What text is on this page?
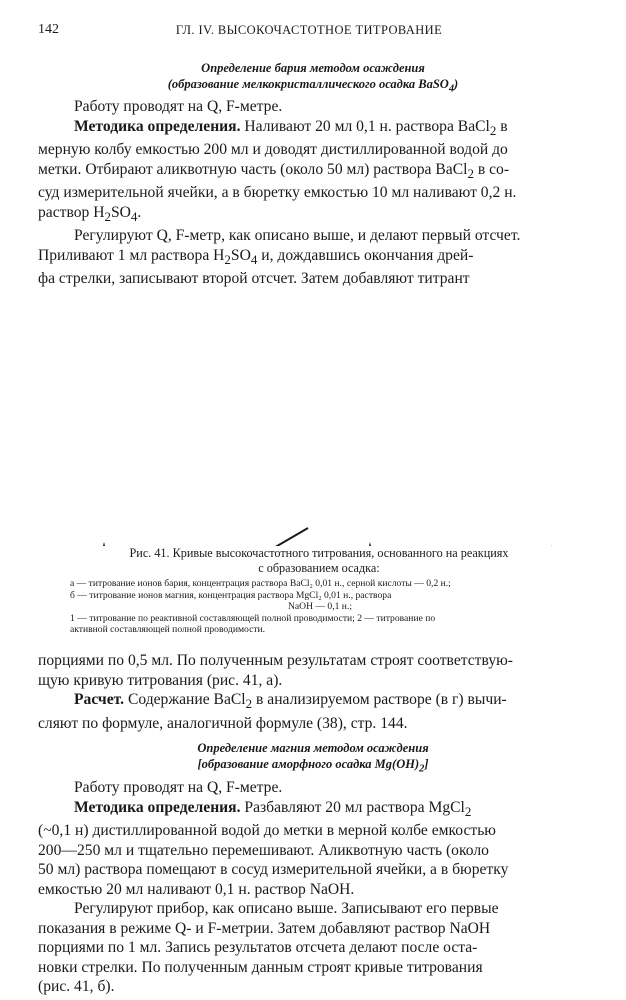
142	ГЛ. IV. ВЫСОКОЧАСТОТНОЕ ТИТРОВАНИЕ
Определение бария методом осаждения
(образование мелкокристаллического осадка BaSO$_4$)

Работу проводят на Q, F-метре.

Методика определения. Наливают 20 мл 0,1 н. раствора BaCl$_2$ в

мерную колбу емкостью 200 мл и доводят дистиллированной водой до

метки. Отбирают аликвотную часть (около 50 мл) раствора BaCl$_2$ в со-

суд измерительной ячейки, а в бюретку емкостью 10 мл наливают 0,2 н.

раствор $H_2SO_4$.

Регулируют Q, F-метр, как описано выше, и делают первый отсчет.

Приливают 1 мл раствора $H_2SO_4$ и, дождавшись окончания дрей-

фа стрелки, записывают второй отсчет. Затем добавляют титрант

Рис. 41. Кривые высокочастотного титрования, основанного на реакциях
с образованием осадка:

а — титрование ионов бария, концентрация раствора BaCl₂ 0,01 н., серной кислоты — 0,2 н.;

б — титрование ионов магния, концентрация раствора MgCl₂ 0,01 н., раствора

NaOH — 0,1 н.;

1 — титрование по реактивной составляющей полной проводимости; 2 — титрование по

активной составляющей полной проводимости.

порциями по 0,5 мл. По полученным результатам строят соответствую-

щую кривую титрования (рис. 41, а).

Расчет. Содержание BaCl$_2$ в анализируемом растворе (в г) вычи-

сляют по формуле, аналогичной формуле (38), стр. 144.

Определение магния методом осаждения
[образование аморфного осадка $Mg(OH)_2$]

Работу проводят на Q, F-метре.

Методика определения. Разбавляют 20 мл раствора MgCl$_2$

(~0,1 н) дистиллированной водой до метки в мерной колбе емкостью

200—250 мл и тщательно перемешивают. Аликвотную часть (около

50 мл) раствора помещают в сосуд измерительной ячейки, а в бюретку

емкостью 20 мл наливают 0,1 н. раствор NaOH.

Регулируют прибор, как описано выше. Записывают его первые

показания в режиме Q- и F-метрии. Затем добавляют раствор NaOH

порциями по 1 мл. Запись результатов отсчета делают после оста-

новки стрелки. По полученным данным строят кривые титрования

(рис. 41, б).
